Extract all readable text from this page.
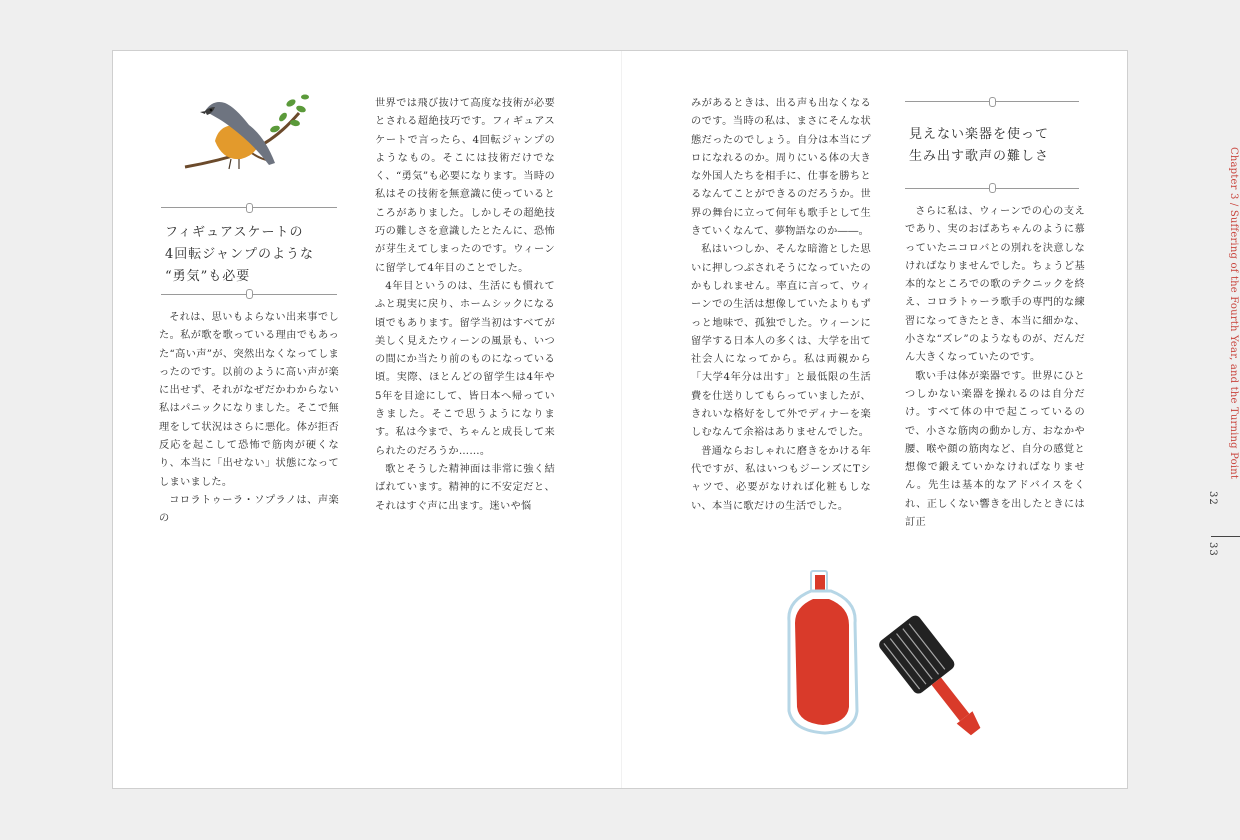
フィギュアスケートの
4回転ジャンプのような
“勇気”も必要

それは、思いもよらない出来事でした。私が歌を歌っている理由でもあった“高い声”が、突然出なくなってしまったのです。以前のように高い声が楽に出せず、それがなぜだかわからない私はパニックになりました。そこで無理をして状況はさらに悪化。体が拒否反応を起こして恐怖で筋肉が硬くなり、本当に「出せない」状態になってしまいました。

コロラトゥーラ・ソプラノは、声楽の

世界では飛び抜けて高度な技術が必要とされる超絶技巧です。フィギュアスケートで言ったら、4回転ジャンプのようなもの。そこには技術だけでなく、“勇気”も必要になります。当時の私はその技術を無意識に使っているところがありました。しかしその超絶技巧の難しさを意識したとたんに、恐怖が芽生えてしまったのです。ウィーンに留学して4年目のことでした。

4年目というのは、生活にも慣れてふと現実に戻り、ホームシックになる頃でもあります。留学当初はすべてが美しく見えたウィーンの風景も、いつの間にか当たり前のものになっている頃。実際、ほとんどの留学生は4年や5年を目途にして、皆日本へ帰っていきました。そこで思うようになります。私は今まで、ちゃんと成長して来られたのだろうか……。

歌とそうした精神面は非常に強く結ばれています。精神的に不安定だと、それはすぐ声に出ます。迷いや悩

みがあるときは、出る声も出なくなるのです。当時の私は、まさにそんな状態だったのでしょう。自分は本当にプロになれるのか。周りにいる体の大きな外国人たちを相手に、仕事を勝ちとるなんてことができるのだろうか。世界の舞台に立って何年も歌手として生きていくなんて、夢物語なのか――。

私はいつしか、そんな暗澹とした思いに押しつぶされそうになっていたのかもしれません。率直に言って、ウィーンでの生活は想像していたよりもずっと地味で、孤独でした。ウィーンに留学する日本人の多くは、大学を出て社会人になってから。私は両親から「大学4年分は出す」と最低限の生活費を仕送りしてもらっていましたが、きれいな格好をして外でディナーを楽しむなんて余裕はありませんでした。

普通ならおしゃれに磨きをかける年代ですが、私はいつもジーンズにTシャツで、必要がなければ化粧もしない、本当に歌だけの生活でした。

見えない楽器を使って
生み出す歌声の難しさ

さらに私は、ウィーンでの心の支えであり、実のおばあちゃんのように慕っていたニコロバとの別れを決意しなければなりませんでした。ちょうど基本的なところでの歌のテクニックを終え、コロラトゥーラ歌手の専門的な練習になってきたとき、本当に細かな、小さな“ズレ”のようなものが、だんだん大きくなっていたのです。

歌い手は体が楽器です。世界にひとつしかない楽器を操れるのは自分だけ。すべて体の中で起こっているので、小さな筋肉の動かし方、おなかや腰、喉や顔の筋肉など、自分の感覚と想像で鍛えていかなければなりません。先生は基本的なアドバイスをくれ、正しくない響きを出したときには訂正

Chapter 3 / Suffering of the Fourth Year, and the Turning Point
32
33
